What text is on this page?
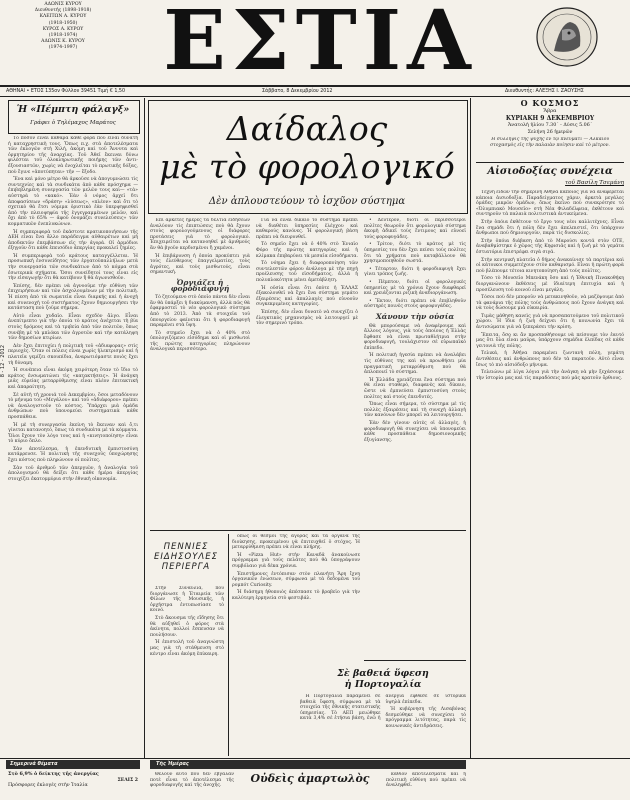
ΑΔΩΝΙΣ ΚΥΡΟΥ
Διευθυντής (1898-1918)
ΚΛΕΙΤΩΝ Α. ΚΥΡΟΥ
(1918-1950)
ΚΥΡΟΣ Α. ΚΥΡΟΥ
(1918-1974)
ΑΔΩΝΙΣ Κ. ΚΥΡΟΥ
(1974-1997)	ΕΣΤΙΑ
ΑΘΗΝΑΙ • ΕΤΟΣ 135ον Φύλλον 39451 Τιμή € 1,50	Σάββατο, 8 Δεκεμβρίου 2012	Διευθυντής: ΑΛΕΞΗΣ Ι. ΖΑΟΥΣΗΣ
8 - 12 - 2012
Ἡ «Πέμπτη φάλαγξ»
Γράφει ὁ Τηλέμαχος Μαράτος

Τὸ πόσον εἶναι καθαρὰ κάθε φορὰ ποὺ εἶναι δυνατὴ ἡ καταχρηστικὴ τους. Ὅπως π.χ. στὰ ἀποτελέσματα τῶν ἐκλογῶν στὴ Χιλή, ἀκόμη καὶ τοῦ Ἄννυτα καὶ ὁρμητηρίου τῆς ἀναρχίας. Τοῦ Ἀθεῖ ἔκειναι δύνω φιλέσται τοῦ ὁλοκληρωτικῆς ποιήμης τῶν ἀντι-ἐξουσιαστῶν, χωρὶς νὰ ἐνοχλεῖται τὸ πρωτικῆς δόξας, ποὺ ἔγινε «ἀποτύπηται» τῆν — ἔξοδο.

Ἕνα καὶ μόνο μέτρο θὰ ἀρκοῦσε νὰ ἀπογυμνώσει τὶς συντεχνίες καὶ τὰ συνδικάτα ἀπὸ κάθε πρόσχημα —ἐπιβεβλημένη συνεργασία τῶν μελῶν τους καὶ— «τὰ» αὐστηρὰ τὸ «κακό». Ἐὰν ὁ νόμος ἀρχεῖ δτι ἀποφασίσεων «δράση» «λύσεως», «πλέον» καὶ ὅτι τὸ σχετικὸ θὰ ἔτσι νόμιμα ὁριστικὸ ἐὰν ὑπερψηφισθεῖ ἀπὸ τὴν πλειοψηφία τῆς ἐγγεγραμμένων μελῶν, καὶ ὄχι ἀπὸ τὸ 65% — ἀφοῦ ὁνομάζει συνελεύσεις» τῶν κομματικῶν ἐνεπλυκώνων.

Ἡ συμπεριφορὰ τοῦ ἑκάστοτε κρατικοποιήσεων τῆς ΔΕΗ εἶναι ἕνα ἄλλο παράδειγμα αὐθαιρέτων καὶ μή ἀποδεκτῶν ἐπεμβάσεων εἰς τὴν ἀγορά. Οἱ ἀρμόδιοι ἐξηγοῦν ὅτι κάθε ἐπεισόδιο ἀπεργίας προκαλεῖ ζημίες.

Ἡ συμπεριφορὰ τοῦ κράτους καταγγέλλεται. Ἡ προσωπικὴ ἐνσυνείδητος τῶν ἐργατοϋπαλλήλων μετὰ τὴν συνεργασία τῶν συνδικάτων ἀπὸ τὸ κόμμα στὰ ἐσωτερικὰ σχήματα. Ὅσοι συνείδητοί τους εἶναι εἰς τὴν εἰσαγωγὴν ὅτι θὰ κατέβουν ἢ θὰ ἀγωνισθοῦν.

Ἐπίσης, δέν πρέπει νὰ ἀγνοοῦμε τὴν εὐθύνη τῶν ἐπιχειρήσεων καὶ τῶν ἀσχολουμένων μέ τὴν πολιτικὴ. Ἡ πίεση ἀπὸ τὰ σωματεῖα εἶναι διαρκής καὶ ἡ ἀνοχὴ καὶ συνενοχὴ τοῦ συστήματος ἔχουν δημιουργήσει τὴν κατάσταση ποὺ ζοῦμε σήμερα.

Αὐτὸ εἶναι χυδαῖο. Εἶναι σχεδὸν ἄλγο. Εἶναι ἀνεπίτρεπτο γιὰ τὴν ὁποία τὸ κράτος ἀνέχεται τὴ βία στοὺς δρόμους καὶ τὰ τριβεία ἀπὸ τῶν πολιτῶν, ὅπως συνέβη μέ τὰ μπλόκα τῶν ἀγροτῶν καὶ τὴν κατάληψη τῶν δημοσίων κτιρίων.

Δὲν ἔχει ἐπιτυχίει ἡ πολιτικὴ τοῦ «ἀδιαφορας» στὶς περιοχὲς. Ὅταν οἱ πόλεις εἶναι χωρὶς ἡλεκτρισμό καὶ ἡ πλατεῖα γεμίζει σκουπίδια, ἀναρωτιόμαστε ποιὸς ἔχει τὴ δύναμη.

Ἡ συνέπεια εἶναι ἀκόμη χειρότερη ὅταν τὸ ἴδιο τὸ κράτος ἐνσωματώνει τὶς «κατακτήσεις». Ἡ ἀνάγκη μιᾶς εὐρείας μεταρρύθμισης εἶναι πλέον ἐπιτακτική καὶ ἀπαραίτητη.

Σὲ αὐτὴ τὴ χρονιά τοῦ Δεκεμβρίου, ὅσοι μεταδόνουν τὸ μήνυμα τοῦ «Μεγάλου» καὶ τοῦ «ἀδιάφορου» πρέπει νὰ ἀναλογιστοῦν τὸ κόστος. Ὑπάρχει μιὰ ὁμάδα ἀνθρώπων ποὺ ὑπονομεύει συστηματικὰ κάθε προσπάθεια.

Ἡ μὲ τὴ συνεργασία ἐκείνη τὸ ἔκειναν καὶ ὅ,τι γίνεται κατανοητό, ὅπως τὰ συνδικάτα μέ τὰ κόμματα. Ὅλοι ἔχουν τὸν λόγο τους καὶ ἡ «κινητοποίηση» εἶναι τὸ κύριο ὅπλο.

Σὰν ἀποτέλεσμα, ἡ ἐπενδυτικὴ ἐμπιστοσύνη κατάρρευσε. Ἡ πολιτικὴ τῆς συνεχοῦς ὑποχώρησης ἔχει κόστος ποὺ πληρώνουν οἱ πολῖτες.

Σὰν τοῦ ἀριθμοῦ τῶν ἀπεργιῶν, ἡ ἀναλογία τοῦ ἀπολογισμοῦ θὰ δείξει ὅτι κάθε ἡμέρα ἀπεργίας στοιχίζει ἑκατομμύρια στὴν ἐθνικὴ οἰκονομία.

Δαίδαλος
μὲ τὸ φορολογικό
Δὲν ἁπλουστεύουν τὸ ἰσχῦον σύστημα

Ἐπὶ ἀρκετές ἡμέρες τὰ δελτία εἰδήσεων ἀναλύουν τὶς ἐπιπτώσεις ποὺ θὰ ἔχουν στοὺς φορολογούμενους οἱ διάφορες προτάσεις γιὰ τὸ φορολογικό. Ἐπιχειρεῖται νὰ κατανοηθεῖ μὲ ἀριθμούς ἂν θὰ βγοῦν κερδισμένοι ἢ χαμένοι.

Ἡ ἐπιβάρυνση ἡ ὁποία προκύπτει γιὰ τοὺς ἐλεύθερους ἐπαγγελματίες, τοὺς ἀγρότες, καὶ τοὺς μισθωτούς, εἶναι σημαντική.

Ὀργιάζει ἡ φοροδιαφυγή

Τὸ ζητούμενο στὸ ὁποῖο πάντα δὲν εἶναι ἂν θὰ ὑπάρξει ἡ διακύμανση, ἀλλὰ πῶς θὰ ἐφαρμοστεῖ τὸ νέο φορολογικὸ σύστημα ἀπὸ τὸ 2013. Ἀπὸ τὰ στοιχεῖα τοῦ ὑπουργείου φαίνεται ὅτι ἡ φοροδιαφυγὴ παραμένει στὰ ὕψη.

Τὸ στημεῖο ἔχει νὰ ὁ 40% στὸ ὑπολογιζόμενο εἰσόδημα καὶ οἱ μισθωτοὶ τῆς πρώτης κατηγορίας πληρώνουν ἀναλογικὰ περισσότερο.

Γιὰ νὰ εἶναι δίκαιο τὸ σύστημα πρέπει νὰ διαθέτει ὑπηρεσίες ἐλέγχου καὶ καθαρούς κανόνες. Ἡ φορολογικὴ βάση πρέπει νὰ διευρυνθεῖ.

Τὸ σημεῖο ἔχει νὰ ὁ 40% στὸ Ἐνιαῖο Φόρο τῆς πρώτης κατηγορίας καὶ ἡ κλίμακα ἐπιβαρύνει τὰ μεσαῖα εἰσοδήματα.

Τὸ νόημα ἔχει ἡ διαφοροποίηση τῶν συντελεστῶν φόρου ἀνάλογα μὲ τὴν πηγὴ προέλευσης τοῦ εἰσοδήματος, ἀλλὰ ἡ πολυπλοκότητα μένει ἀμετάβλητη.

Ἡ οὐσία εἶναι ὅτι ὁπὸτε ἡ ἘΛΛΑΣ ἐξακολουθεῖ νὰ ἔχει ἕνα σύστημα γεμάτο ἐξαιρέσεις καὶ ἀπαλλαγὲς ποὺ εὐνοοῦν συγκεκριμένες κατηγορίες.

Ἐπίσης, δὲν εἶναι δυνατὸ νὰ συνεχίζει ὁ ἐλεγκτικὸς μηχανισμὸς νὰ λειτουργεῖ μὲ τὸν σημερινὸ τρόπο.

• Δεύτερον, διότι οἱ περισσότεροι πολῖτες θεωροῦν ὅτι φορολογικὸ σύστημα ἀκομὴ ἀδικεῖ τοὺς ἔντιμους καὶ εὐνοεῖ τοὺς φοροφυγάδες.

• Τρίτον, διότι τὸ κράτος μὲ τὶς ὑπηρεσίες του δὲν ἔχει πείσει τοὺς πολῖτες ὅτι τὰ χρήματα ποὺ καταβάλλουν θὰ χρησιμοποιηθοῦν σωστά.

• Τέταρτον, διότι ἡ φοροδιαφυγὴ ἔχει γίνει τρόπος ζωῆς.

• Πέμπτον, διότι οἱ φορολογικὲς ὑπηρεσίες μὲ τὰ χρόνια ἔχουν διαφθαρεῖ καὶ χρειάζονται ριζικὴ ἀναδιοργάνωση.

• Ἕκτον, διότι πρέπει νὰ ἐπιβληθοῦν αὐστηρὲς ποινὲς στοὺς φοροφυγάδες.

Χάνουν τὴν οὐσία

Θὰ μπορούσαμε νὰ ἀναφέρουμε καὶ ἄλλους λόγους, γιὰ τοὺς ὁποίους ἡ Ἑλλὰς ἔφθασε νὰ εἶναι πρωταθλήτρια στὴν φοροδιαφυγή, τουλάχιστον σὲ εὐρωπαϊκὸ ἐπίπεδο.

Ἡ πολιτικὴ ἡγεσία πρέπει νὰ ἀναλάβει τὶς εὐθύνες της καὶ νὰ προωθήσει μία πραγματικὴ μεταρρύθμιση ποὺ θὰ ἁπλοποιεῖ τὸ σύστημα.

Ἡ Ἑλλάδα χρειάζεται ἕνα σύστημα ποὺ θὰ εἶναι σταθερὸ, διαφανὲς καὶ δίκαιο, ὥστε νὰ ἐμπνεύσει ἐμπιστοσύνη στοὺς πολῖτες καὶ στοὺς ἐπενδυτές.

Ὅπως εἶναι σήμερα, τὸ σύστημα μὲ τὶς πολλὲς ἐξαιρέσεις καὶ τὴ συνεχὴ ἀλλαγὴ τῶν κανόνων δὲν μπορεῖ νὰ λειτουργήσει.

Ἐὰν δὲν γίνουν αὐτὲς οἱ ἀλλαγές, ἡ φοροδιαφυγὴ θὰ συνεχίσει νὰ ὑπονομεύει κάθε προσπάθεια δημοσιονομικῆς ἐξυγίανσης.

ΠΕΝΝΙΕΣ
ΕΙΔΗΣΟΥΛΕΣ
ΠΕΡΙΕΡΓΑ

Στὴν Συναυλία, ποὺ διοργάνωσε ἡ Ἑταιρεία τῶν Φίλων τῆς Μουσικῆς, ἡ ὀρχήστρα ἐντυπωσίασε τὸ κοινό.

Στὸ ἄκουσμα τῆς εἴδησης ὅτι θὰ αὐξηθεῖ ὁ φόρος στὰ ἀκίνητα, πολλοὶ ἔσπευσαν νὰ πουλήσουν.

Ἡ ἐπιστολὴ τοῦ ἀναγνώστη μας γιὰ τὴ στάθμευση στὸ κέντρο εἶναι ἀκόμη ἐπίκαιρη.

ὅπως οἱ θεσμοί τῆς ἀγορᾶς καὶ τὰ ὄργανα τῆς διοίκησης, προκειμένου νὰ ἐπιτευχθεῖ ὁ στόχος. Ἡ μεταρρύθμιση πρέπει νὰ εἶναι πλήρης.

Ἡ «Pizza Hut» στὴν Καναδᾶ ἀνακοίνωσε πρόγραμμα γιὰ τοὺς πελάτες ποὺ θὰ ὑπογράψουν συμβόλαιο γιὰ δέκα χρόνια.

Ἐπιστήμονες ἐντόπισαν στὸν πλανήτη Ἄρη ἴχνη ὀργανικῶν ἐνώσεων, σύμφωνα μὲ τὰ δεδομένα τοῦ ρομπότ Curiosity.

Ἡ διάσημη ἠθοποιὸς ἀπέσπασε τὸ βραβεῖο γιὰ τὴν καλύτερη ἑρμηνεία στὸ φεστιβάλ.

Σὲ βαθειά ὕφεση
ἡ Πορτογαλία

Ἡ Πορτογαλία παραμένει σὲ βαθειὰ ὕφεση, σύμφωνα μὲ τὰ στοιχεῖα τῆς ἐθνικῆς στατιστικῆς ὑπηρεσίας. Τὸ ΑΕΠ μειώθηκε κατὰ 3,4% σὲ ἐτήσια βάση, ἐνῶ ἡ ἀνεργία ἔφθασε σὲ ἱστορικὰ ὑψηλὰ ἐπίπεδα.

Ἡ κυβέρνηση τῆς Λισαβόνας δεσμεύθηκε νὰ συνεχίσει τὸ πρόγραμμα λιτότητας, παρὰ τὶς κοινωνικὲς ἀντιδράσεις.

Ο ΚΟΣΜΟΣ
Ἄβρα
ΚΥΡΙΑΚΗ 9 ΔΕΚΕΜΒΡΙΟΥ
Ἀνατολὴ ἡλίου 7.30΄ - Δύσις 5.06΄
Σελήνη 26 ἡμερῶν

Ἡ σύλληψις τῆς ψυχῆς ἐν τῷ πνεύματι — Ἀλκαίου στοχασμὸς εἰς τὴν παλαιὰν ποίησιν καὶ τὸ μέτρον.

Αἰσιοδοξίας συνέχεια
τοῦ Βασίλη Τσεμάνη

Τέχνη εἰδῶν τὴν σημερινὴ Ἀθήνα κάποιος γιὰ νὰ ἀναφέρεται κάποια ἀισιοδοξία. Παραδείγματος χάριν, ἀρκετὰ μεγάλες ὁμάδες μικρῶν ὁμάδων, ὅπως ἐκεῖνο ποὺ συνεκρότησε τὸ «Ὀλυμπιακὸ Μουσεῖο» στὴ Νέα Φιλαδέλφεια, ἐκθέτουν καὶ συντηροῦν τὰ παλαιὰ πολιτιστικὰ ἀντικείμενα.

Στὴν ὁπόια ἐκθέτουν τὸ ἔργο τους νέοι καλλιτέχνες. Εἶναι ἕνα σημάδι ὅτι ἡ πόλη δὲν ἔχει ἀπελπιστεῖ, ὅτι ὑπάρχουν ἄνθρωποι ποὺ δημιουργοῦν, παρὰ τὶς δυσκολίες.

Στὴν ὁπόια διάβαση ἀπὸ τὸ Μαρούσι κοντά στὸν ΟΤΕ, ἀναβαθμίστηκε ὁ χῶρος τῆς Κηφισιᾶς καὶ ἡ ζωὴ μὲ τὰ γεμάτα ἐστιατόρια ἐπιστρέφει σιγὰ σιγά.

Στὴν κεντρικὴ πλατεῖα ὁ δήμος ἀνακαίνισε τὰ παρτέρια καὶ οἱ κάτοικοι συμμετέχουν στὸν καθαρισμό. Εἶναι ἡ πρώτη φορὰ ποὺ βλέπουμε τέτοια κινητοποίηση ἀπὸ τοὺς πολῖτες.

Τόσο τὸ Μουσεῖο Μπενάκη ὅσο καὶ ἡ Ἐθνικὴ Πινακοθήκη διοργανώνουν ἐκθέσεις μὲ ἰδιαίτερη ἐπιτυχία καὶ ἡ προσέλευση τοῦ κοινοῦ εἶναι μεγάλη.

Τόσοι ποὺ δὲν μποροῦν νὰ μετακινηθοῦν, νὰ μαζέψουμε ἀπὸ τὰ φανάρια τῆς πόλης τοὺς ἀνθρώπους ποὺ ἔχουν ἀνάγκη καὶ νὰ τοὺς δώσουμε μιὰ εὐκαιρία.

Τιμὰς μάθηση κανεὶς γιὰ νὰ προσαπατούμενο τοῦ πολιτικοῦ χώρου. Ἡ ἴδια ἡ ζωὴ δείχνει ὅτι ἡ κοινωνία ἔχει τὰ ἀντισώματα γιὰ νὰ ξεπεράσει τὴν κρίση.

Ἔπειτα, ὅσο κι ἂν προσπαθήσουμε νὰ πείσουμε τὸν ἑαυτό μας ὅτι ὅλα εἶναι μαῦρα, ὑπάρχουν σημάδια ἐλπίδας σὲ κάθε γειτονιὰ τῆς πόλης.

Τελικά, ἡ Ἀθήνα παραμένει ζωντανὴ πόλη, γεμάτη ἀντιθέσεις καὶ ἀνθρώπους ποὺ δὲν τὰ παρατοῦν. Αὐτὸ εἶναι ἴσως τὸ πιὸ αἰσιόδοξο μήνυμα.

Τελειώνω μὲ λίγα λόγια γιὰ τὴν ἀνάγκη νὰ μὴν ξεχάσουμε τὴν ἱστορία μας καὶ τὶς παραδόσεις ποὺ μᾶς κρατοῦν ὄρθιους.

Σημερινά θέματα	Τῆς Ἡμέρας
Στὸ 6,9% ὁ δείκτης τῆς ἀνεργίας
ΣΕΛΙΣ 2
Πρόσφορες ἐκλογές στὴν Ἰταλία

Θέλουν αὐτὸ ποὺ δὲν ἔβγαλαν ποτὲ εἶναι τὸ ἀποτέλεσμα τῆς φοροδιαφυγῆς καὶ τῆς ἀνοχῆς.

Οὐδεὶς ἀμαρτωλὸς	κάθιον ἀποτελέσματα καὶ ἡ πολιτικὴ εὐθύνη ποὺ πρέπει νὰ ἀναληφθεῖ.
